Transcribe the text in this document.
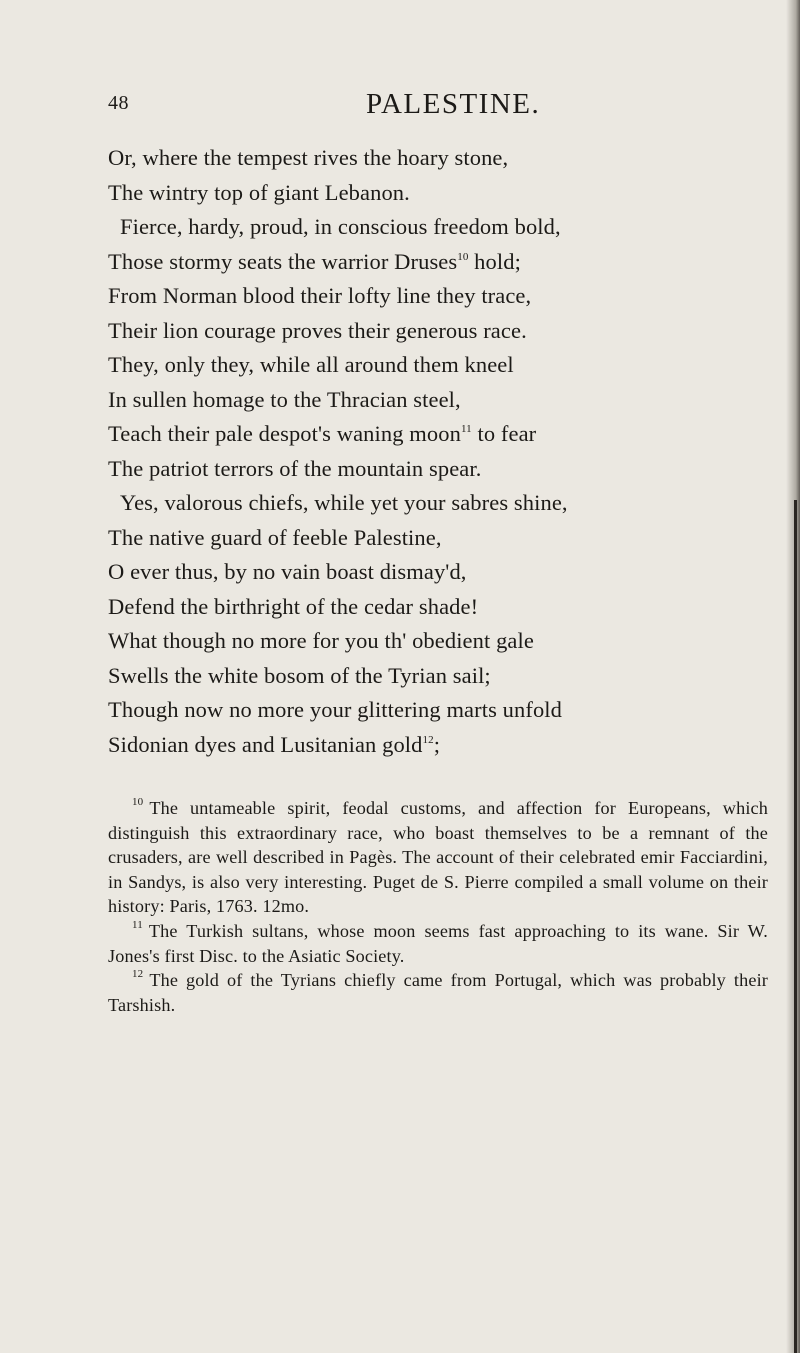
48	PALESTINE.
Or, where the tempest rives the hoary stone,
The wintry top of giant Lebanon.
Fierce, hardy, proud, in conscious freedom bold,
Those stormy seats the warrior Druses$^{10}$ hold;
From Norman blood their lofty line they trace,
Their lion courage proves their generous race.
They, only they, while all around them kneel
In sullen homage to the Thracian steel,
Teach their pale despot's waning moon$^{11}$ to fear
The patriot terrors of the mountain spear.
Yes, valorous chiefs, while yet your sabres shine,
The native guard of feeble Palestine,
O ever thus, by no vain boast dismay'd,
Defend the birthright of the cedar shade!
What though no more for you th' obedient gale
Swells the white bosom of the Tyrian sail;
Though now no more your glittering marts unfold
Sidonian dyes and Lusitanian gold$^{12}$;

$^{10}$ The untameable spirit, feodal customs, and affection for Europeans, which distinguish this extraordinary race, who boast themselves to be a remnant of the crusaders, are well described in Pagès. The account of their celebrated emir Facciardini, in Sandys, is also very interesting. Puget de S. Pierre compiled a small volume on their history: Paris, 1763. 12mo.

$^{11}$ The Turkish sultans, whose moon seems fast approaching to its wane. Sir W. Jones's first Disc. to the Asiatic Society.

$^{12}$ The gold of the Tyrians chiefly came from Portugal, which was probably their Tarshish.
